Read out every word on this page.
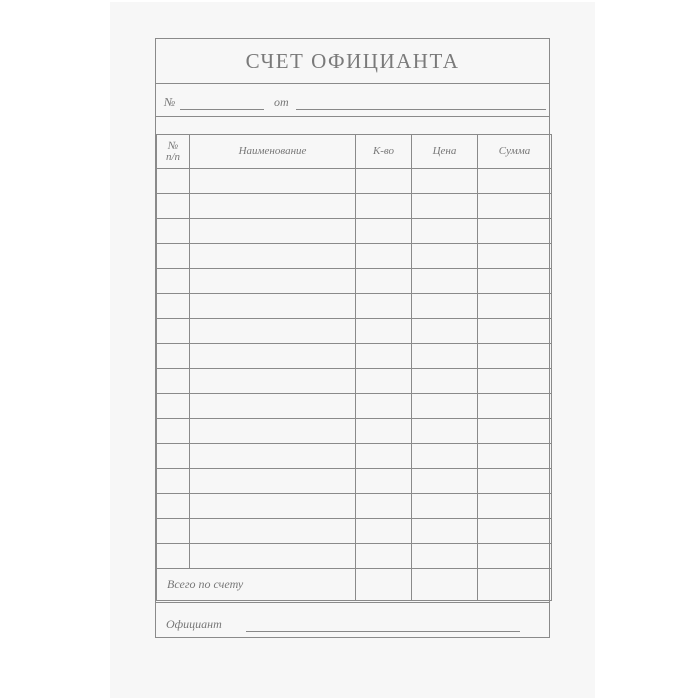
СЧЕТ ОФИЦИАНТА
№	от
№
п/п	Наименование	К-во	Цена	Сумма

Всего по счету				
Официант
